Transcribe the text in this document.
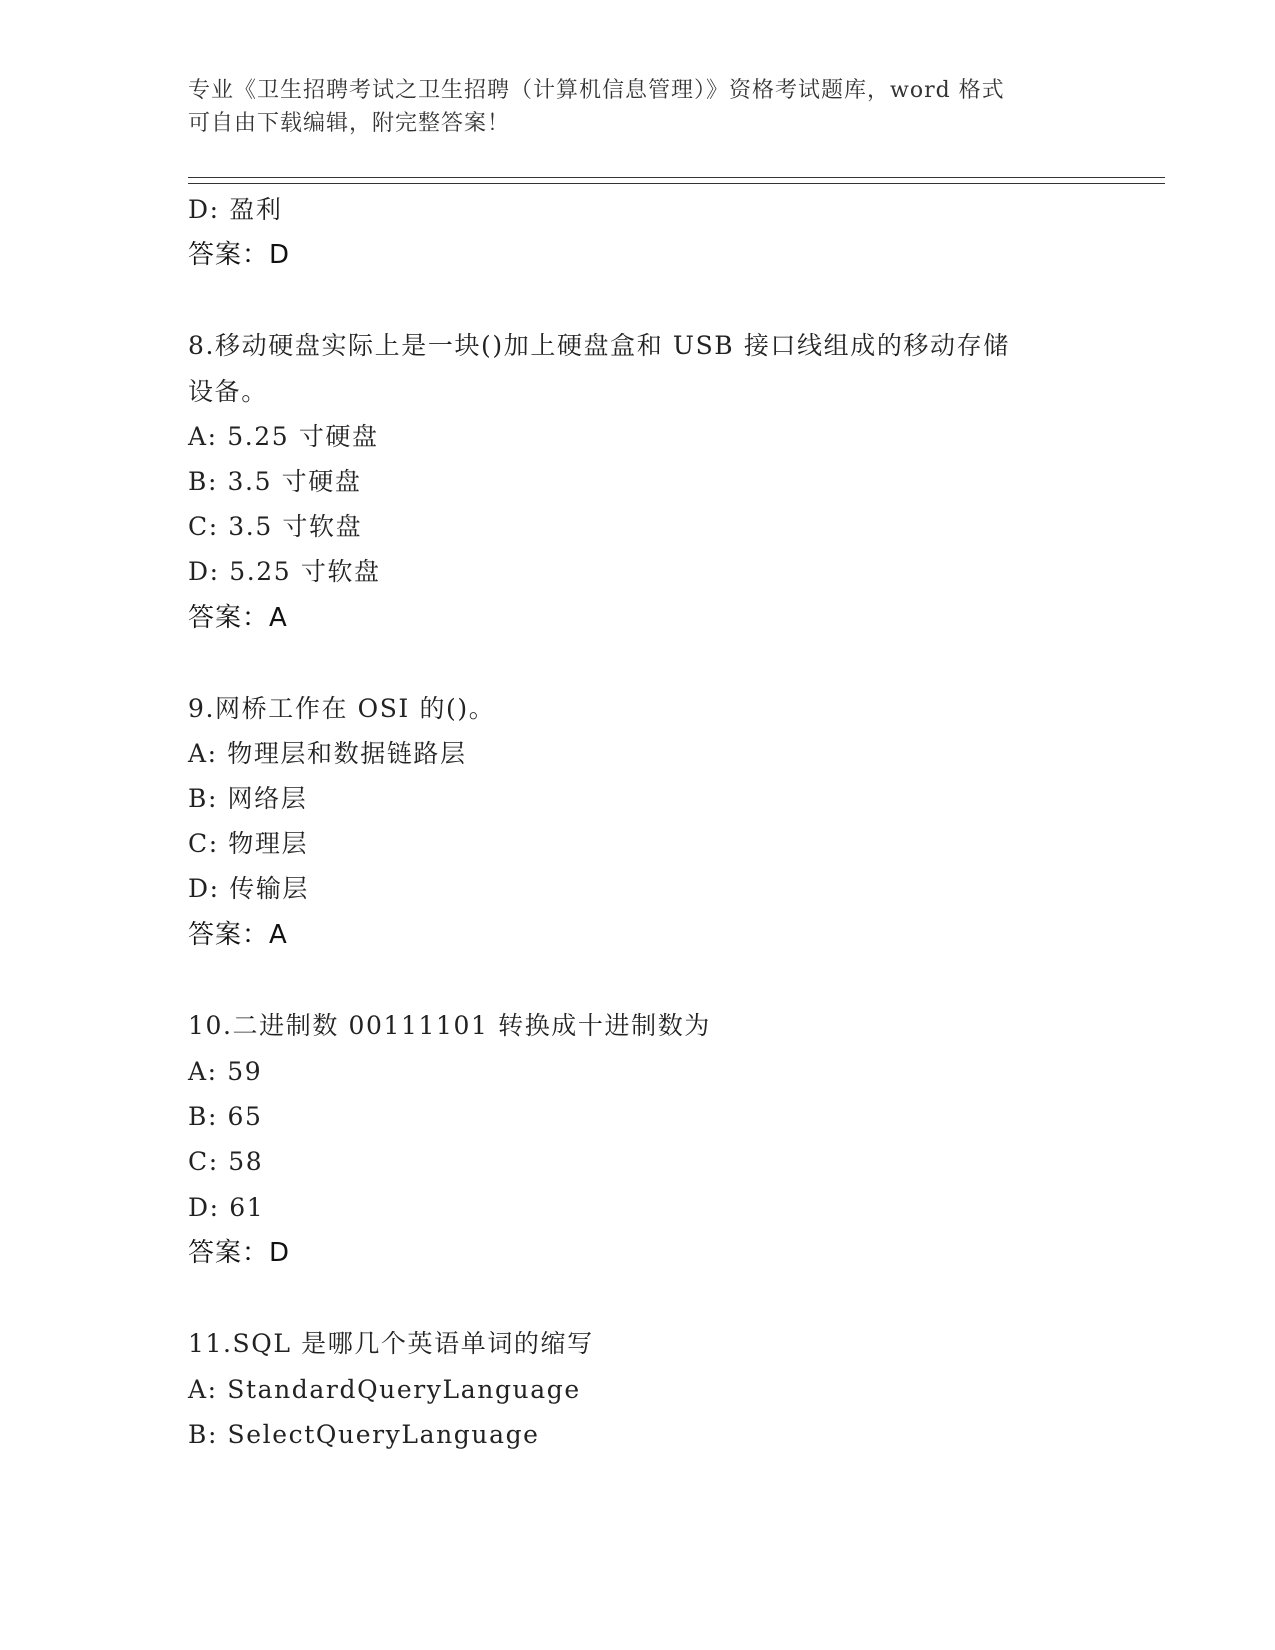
专业《卫生招聘考试之卫生招聘（计算机信息管理）》资格考试题库，word 格式
可自由下载编辑，附完整答案！
D: 盈利
答案：D
8.移动硬盘实际上是一块()加上硬盘盒和 USB 接口线组成的移动存储
设备。
A: 5.25 寸硬盘
B: 3.5 寸硬盘
C: 3.5 寸软盘
D: 5.25 寸软盘
答案：A
9.网桥工作在 OSI 的()。
A: 物理层和数据链路层
B: 网络层
C: 物理层
D: 传输层
答案：A
10.二进制数 00111101 转换成十进制数为
A: 59
B: 65
C: 58
D: 61
答案：D
11.SQL 是哪几个英语单词的缩写
A: StandardQueryLanguage
B: SelectQueryLanguage
